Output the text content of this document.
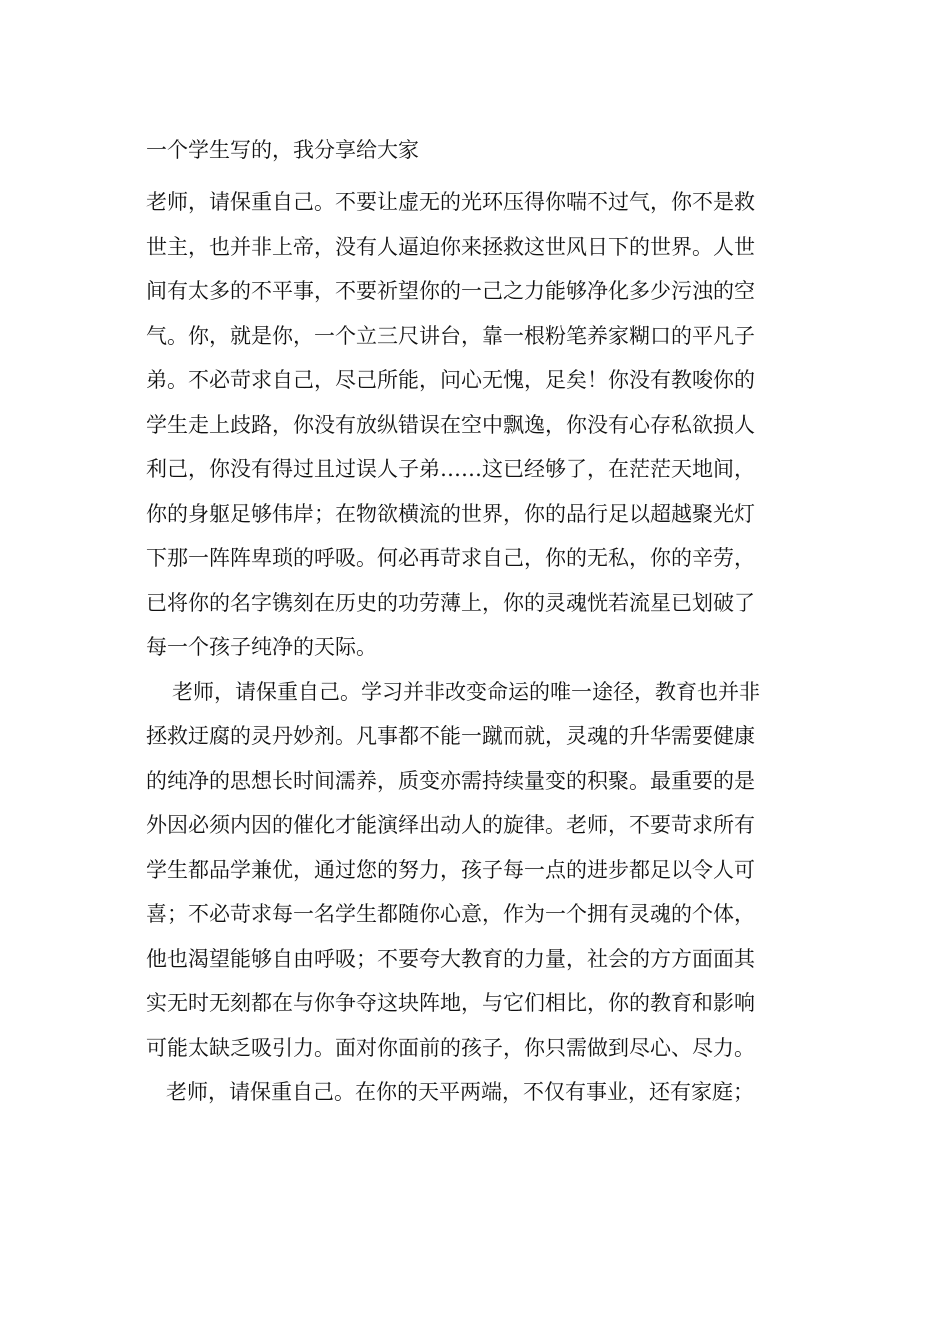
一个学生写的，我分享给大家
老师，请保重自己。不要让虚无的光环压得你喘不过气，你不是救
世主，也并非上帝，没有人逼迫你来拯救这世风日下的世界。人世
间有太多的不平事，不要祈望你的一己之力能够净化多少污浊的空
气。你，就是你，一个立三尺讲台，靠一根粉笔养家糊口的平凡子
弟。不必苛求自己，尽己所能，问心无愧，足矣！你没有教唆你的
学生走上歧路，你没有放纵错误在空中飘逸，你没有心存私欲损人
利己，你没有得过且过误人子弟……这已经够了，在茫茫天地间，
你的身躯足够伟岸；在物欲横流的世界，你的品行足以超越聚光灯
下那一阵阵卑琐的呼吸。何必再苛求自己，你的无私，你的辛劳，
已将你的名字镌刻在历史的功劳薄上，你的灵魂恍若流星已划破了
每一个孩子纯净的天际。
老师，请保重自己。学习并非改变命运的唯一途径，教育也并非
拯救迂腐的灵丹妙剂。凡事都不能一蹴而就，灵魂的升华需要健康
的纯净的思想长时间濡养，质变亦需持续量变的积聚。最重要的是
外因必须内因的催化才能演绎出动人的旋律。老师，不要苛求所有
学生都品学兼优，通过您的努力，孩子每一点的进步都足以令人可
喜；不必苛求每一名学生都随你心意，作为一个拥有灵魂的个体，
他也渴望能够自由呼吸；不要夸大教育的力量，社会的方方面面其
实无时无刻都在与你争夺这块阵地，与它们相比，你的教育和影响
可能太缺乏吸引力。面对你面前的孩子，你只需做到尽心、尽力。
老师，请保重自己。在你的天平两端，不仅有事业，还有家庭；
